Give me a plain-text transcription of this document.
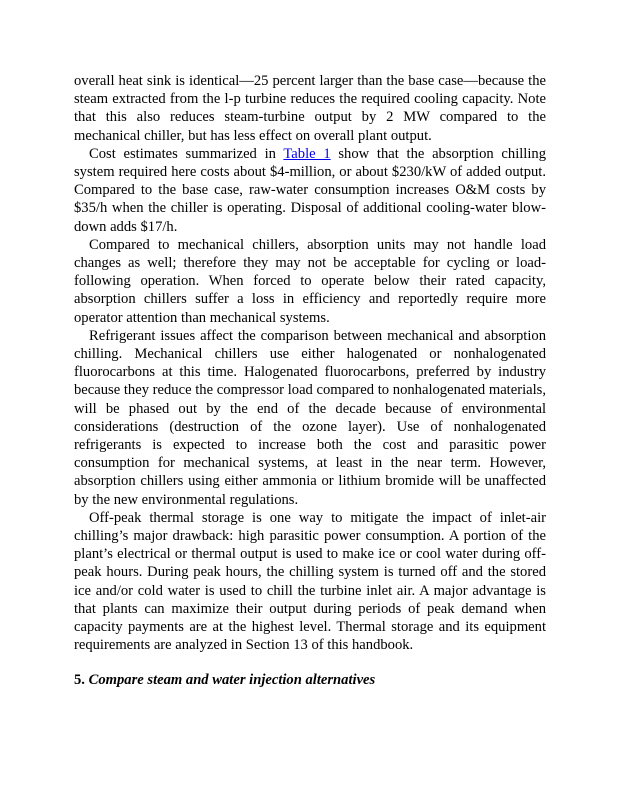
overall heat sink is identical—25 percent larger than the base case—because the steam extracted from the l-p turbine reduces the required cooling capacity. Note that this also reduces steam-turbine output by 2 MW compared to the mechanical chiller, but has less effect on overall plant output.

Cost estimates summarized in Table 1 show that the absorption chilling system required here costs about $4-million, or about $230/kW of added output. Compared to the base case, raw-water consumption increases O&M costs by $35/h when the chiller is operating. Disposal of additional cooling-water blow-down adds $17/h.

Compared to mechanical chillers, absorption units may not handle load changes as well; therefore they may not be acceptable for cycling or load-following operation. When forced to operate below their rated capacity, absorption chillers suffer a loss in efficiency and reportedly require more operator attention than mechanical systems.

Refrigerant issues affect the comparison between mechanical and absorption chilling. Mechanical chillers use either halogenated or nonhalogenated fluorocarbons at this time. Halogenated fluorocarbons, preferred by industry because they reduce the compressor load compared to nonhalogenated materials, will be phased out by the end of the decade because of environmental considerations (destruction of the ozone layer). Use of nonhalogenated refrigerants is expected to increase both the cost and parasitic power consumption for mechanical systems, at least in the near term. However, absorption chillers using either ammonia or lithium bromide will be unaffected by the new environmental regulations.

Off-peak thermal storage is one way to mitigate the impact of inlet-air chilling’s major drawback: high parasitic power consumption. A portion of the plant’s electrical or thermal output is used to make ice or cool water during off-peak hours. During peak hours, the chilling system is turned off and the stored ice and/or cold water is used to chill the turbine inlet air. A major advantage is that plants can maximize their output during periods of peak demand when capacity payments are at the highest level. Thermal storage and its equipment requirements are analyzed in Section 13 of this handbook.

5. Compare steam and water injection alternatives
